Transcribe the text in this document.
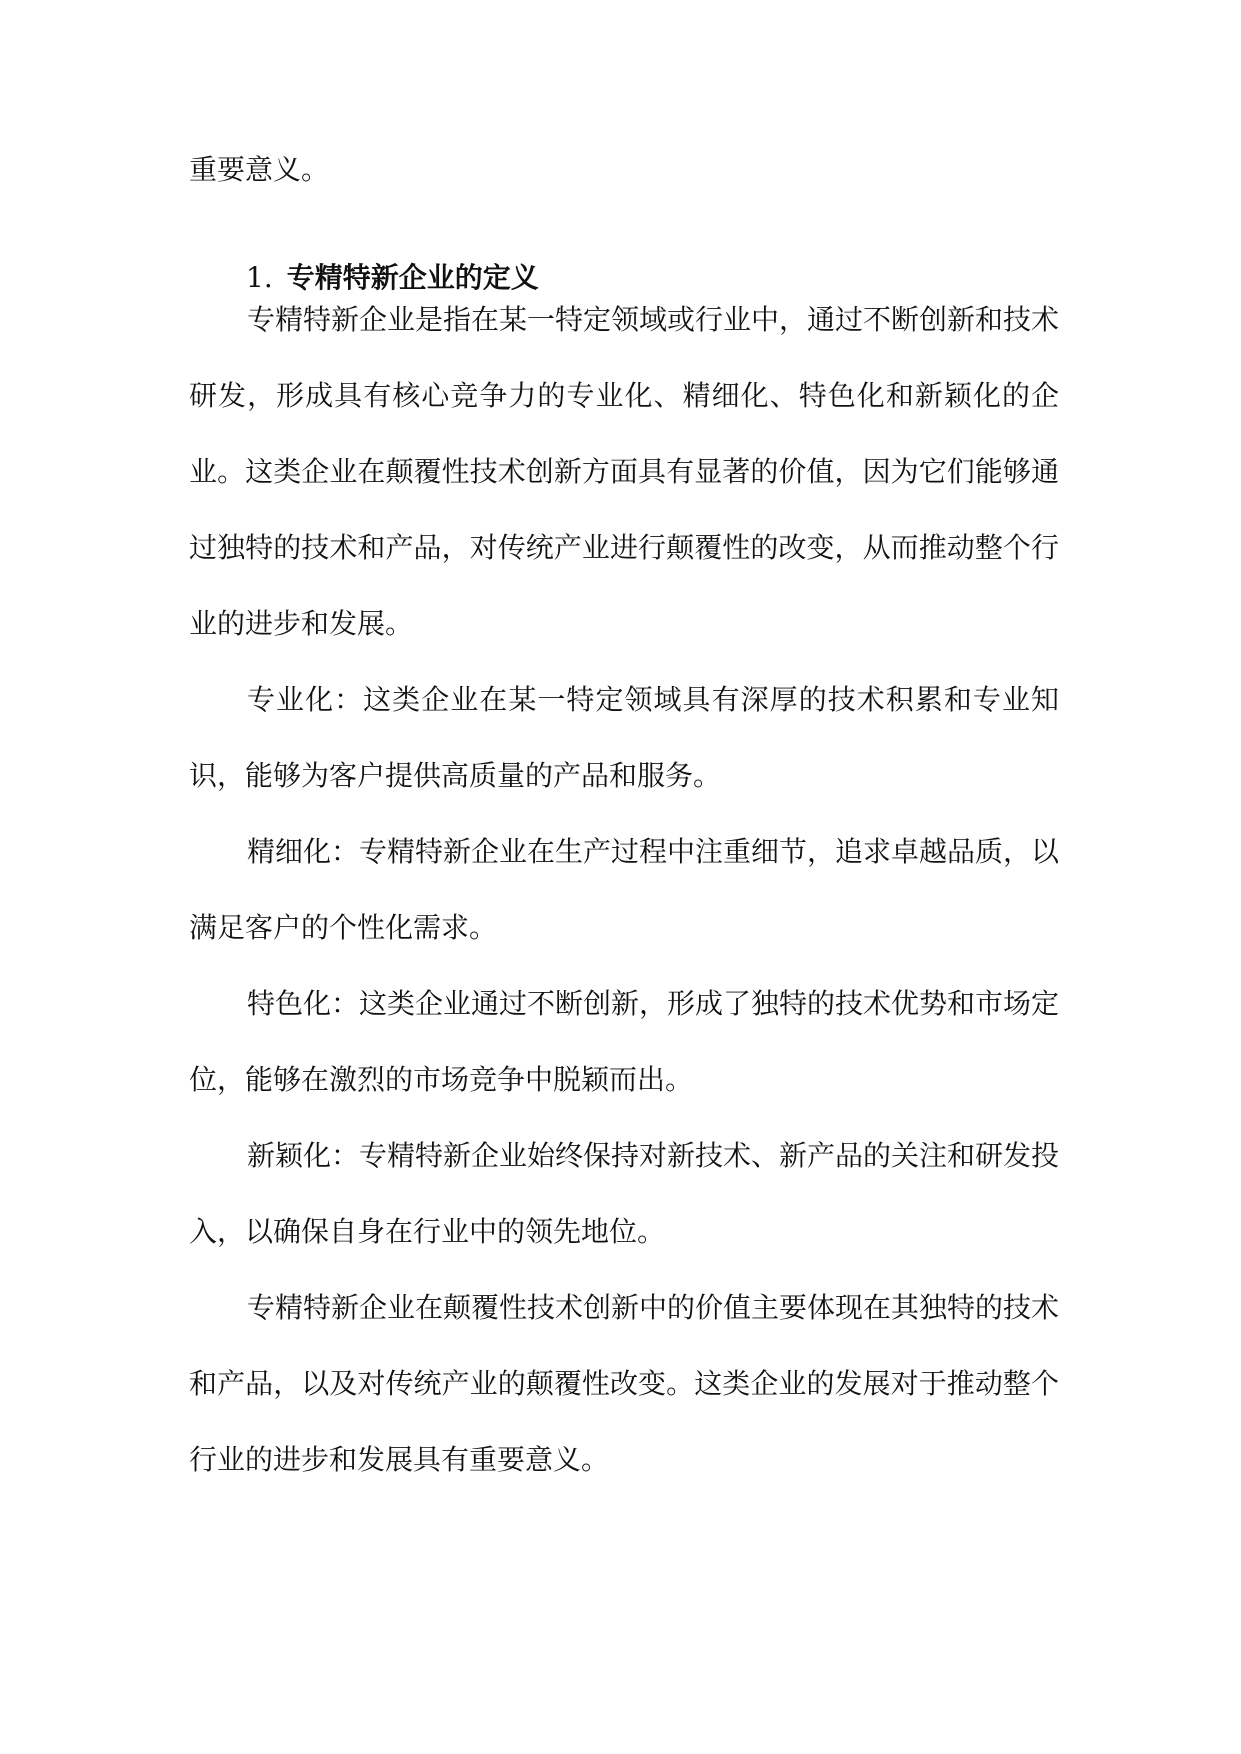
重要意义。

1. 专精特新企业的定义

专精特新企业是指在某一特定领域或行业中，通过不断创新和技术研发，形成具有核心竞争力的专业化、精细化、特色化和新颖化的企业。这类企业在颠覆性技术创新方面具有显著的价值，因为它们能够通过独特的技术和产品，对传统产业进行颠覆性的改变，从而推动整个行业的进步和发展。

专业化：这类企业在某一特定领域具有深厚的技术积累和专业知识，能够为客户提供高质量的产品和服务。

精细化：专精特新企业在生产过程中注重细节，追求卓越品质，以满足客户的个性化需求。

特色化：这类企业通过不断创新，形成了独特的技术优势和市场定位，能够在激烈的市场竞争中脱颖而出。

新颖化：专精特新企业始终保持对新技术、新产品的关注和研发投入，以确保自身在行业中的领先地位。

专精特新企业在颠覆性技术创新中的价值主要体现在其独特的技术和产品，以及对传统产业的颠覆性改变。这类企业的发展对于推动整个行业的进步和发展具有重要意义。
